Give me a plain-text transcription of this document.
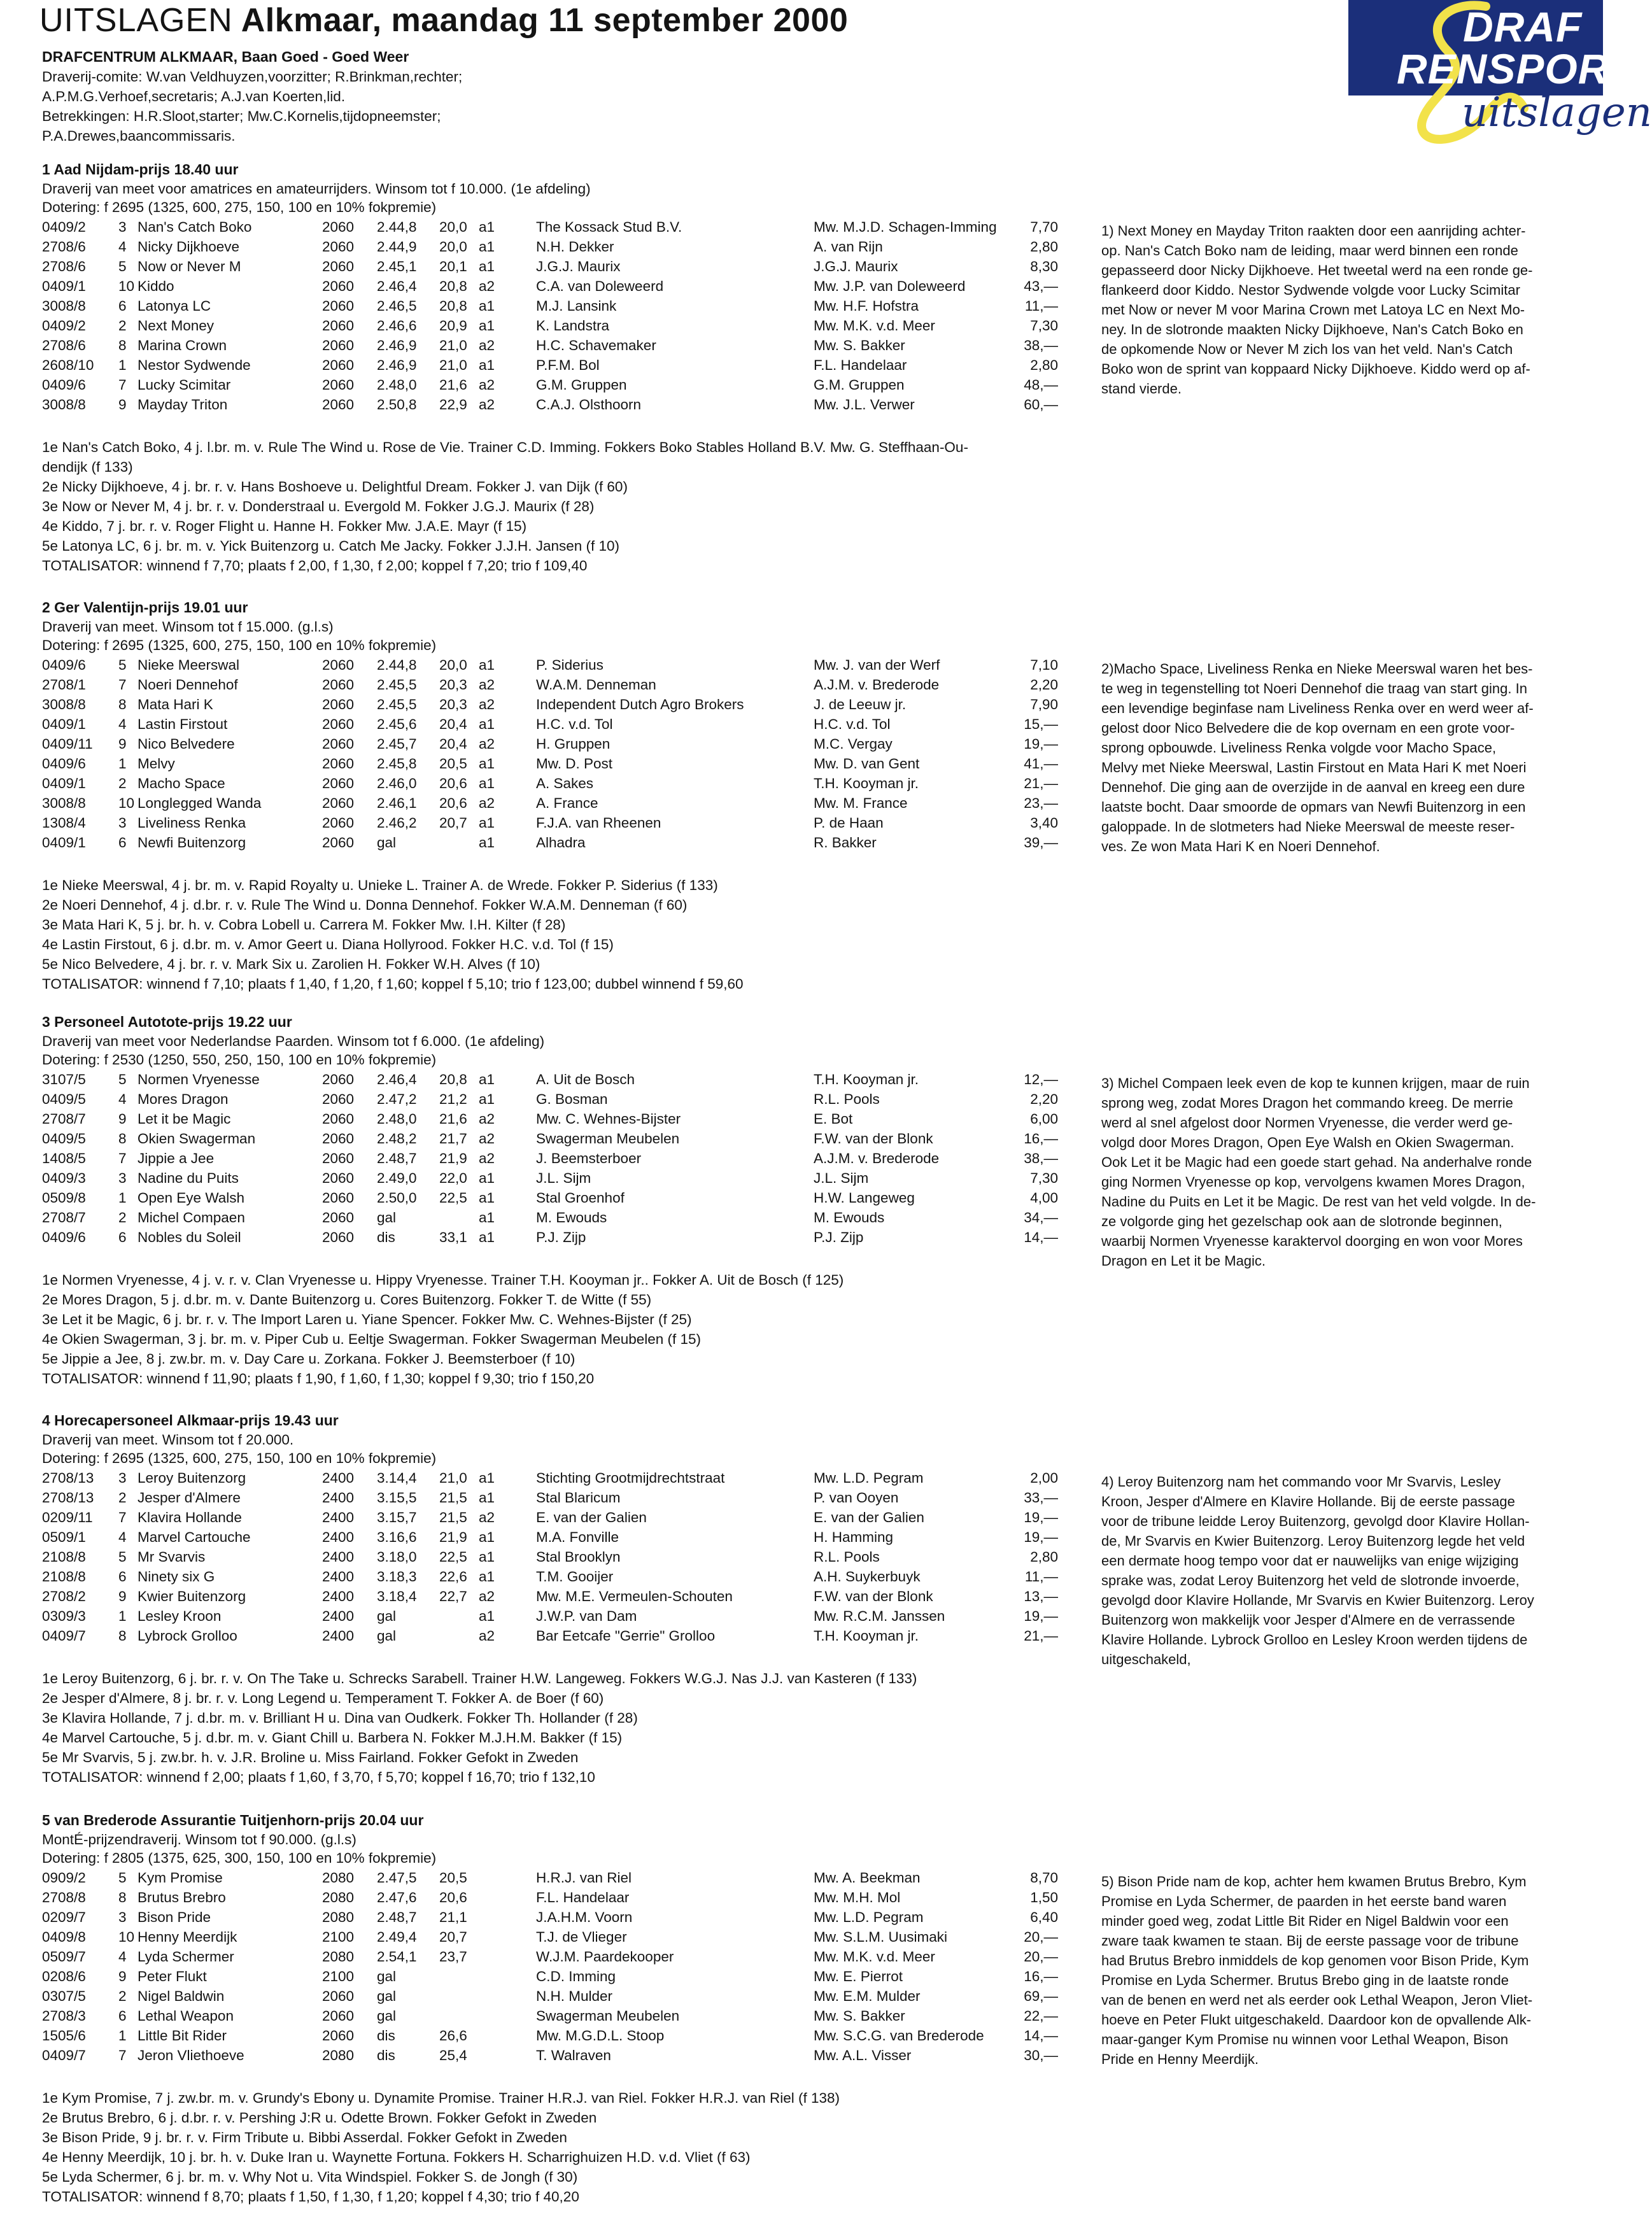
UITSLAGEN Alkmaar, maandag 11 september 2000	DRAF
RENSPORT
uitslagen
DRAFCENTRUM ALKMAAR, Baan Goed - Goed Weer
Draverij-comite: W.van Veldhuyzen,voorzitter; R.Brinkman,rechter;
A.P.M.G.Verhoef,secretaris; A.J.van Koerten,lid.
Betrekkingen: H.R.Sloot,starter; Mw.C.Kornelis,tijdopneemster;
P.A.Drewes,baancommissaris.
1 Aad Nijdam-prijs 18.40 uur
Draverij van meet voor amatrices en amateurrijders. Winsom tot f 10.000. (1e afdeling)
Dotering: f 2695 (1325, 600, 275, 150, 100 en 10% fokpremie)
0409/2 3 Nan's Catch Boko	2060 2.44,8 20,0 a1	The Kossack Stud B.V.	Mw. M.J.D. Schagen-Imming	7,70
2708/6 4 Nicky Dijkhoeve	2060 2.44,9 20,0 a1	N.H. Dekker	A. van Rijn	2,80
2708/6 5 Now or Never M	2060 2.45,1 20,1 a1	J.G.J. Maurix	J.G.J. Maurix	8,30
0409/1 10 Kiddo	2060 2.46,4 20,8 a2	C.A. van Doleweerd	Mw. J.P. van Doleweerd	43,—
3008/8 6 Latonya LC	2060 2.46,5 20,8 a1	M.J. Lansink	Mw. H.F. Hofstra	11,—
0409/2 2 Next Money	2060 2.46,6 20,9 a1	K. Landstra	Mw. M.K. v.d. Meer	7,30
2708/6 8 Marina Crown	2060 2.46,9 21,0 a2	H.C. Schavemaker	Mw. S. Bakker	38,—
2608/10 1 Nestor Sydwende	2060 2.46,9 21,0 a1	P.F.M. Bol	F.L. Handelaar	2,80
0409/6 7 Lucky Scimitar	2060 2.48,0 21,6 a2	G.M. Gruppen	G.M. Gruppen	48,—
3008/8 9 Mayday Triton	2060 2.50,8 22,9 a2	C.A.J. Olsthoorn	Mw. J.L. Verwer	60,—
1) Next Money en Mayday Triton raakten door een aanrijding achter-
op. Nan's Catch Boko nam de leiding, maar werd binnen een ronde
gepasseerd door Nicky Dijkhoeve. Het tweetal werd na een ronde ge-
flankeerd door Kiddo. Nestor Sydwende volgde voor Lucky Scimitar
met Now or never M voor Marina Crown met Latoya LC en Next Mo-
ney. In de slotronde maakten Nicky Dijkhoeve, Nan's Catch Boko en
de opkomende Now or Never M zich los van het veld. Nan's Catch
Boko won de sprint van koppaard Nicky Dijkhoeve. Kiddo werd op af-
stand vierde.
1e Nan's Catch Boko, 4 j. l.br. m. v. Rule The Wind u. Rose de Vie. Trainer C.D. Imming. Fokkers Boko Stables Holland B.V. Mw. G. Steffhaan-Ou-
dendijk (f 133)
2e Nicky Dijkhoeve, 4 j. br. r. v. Hans Boshoeve u. Delightful Dream. Fokker J. van Dijk (f 60)
3e Now or Never M, 4 j. br. r. v. Donderstraal u. Evergold M. Fokker J.G.J. Maurix (f 28)
4e Kiddo, 7 j. br. r. v. Roger Flight u. Hanne H. Fokker Mw. J.A.E. Mayr (f 15)
5e Latonya LC, 6 j. br. m. v. Yick Buitenzorg u. Catch Me Jacky. Fokker J.J.H. Jansen (f 10)
TOTALISATOR: winnend f 7,70; plaats f 2,00, f 1,30, f 2,00; koppel f 7,20; trio f 109,40
2 Ger Valentijn-prijs 19.01 uur
Draverij van meet. Winsom tot f 15.000. (g.l.s)
Dotering: f 2695 (1325, 600, 275, 150, 100 en 10% fokpremie)
0409/6 5 Nieke Meerswal	2060 2.44,8 20,0 a1	P. Siderius	Mw. J. van der Werf	7,10
2708/1 7 Noeri Dennehof	2060 2.45,5 20,3 a2	W.A.M. Denneman	A.J.M. v. Brederode	2,20
3008/8 8 Mata Hari K	2060 2.45,5 20,3 a2	Independent Dutch Agro Brokers	J. de Leeuw jr.	7,90
0409/1 4 Lastin Firstout	2060 2.45,6 20,4 a1	H.C. v.d. Tol	H.C. v.d. Tol	15,—
0409/11 9 Nico Belvedere	2060 2.45,7 20,4 a2	H. Gruppen	M.C. Vergay	19,—
0409/6 1 Melvy	2060 2.45,8 20,5 a1	Mw. D. Post	Mw. D. van Gent	41,—
0409/1 2 Macho Space	2060 2.46,0 20,6 a1	A. Sakes	T.H. Kooyman jr.	21,—
3008/8 10 Longlegged Wanda	2060 2.46,1 20,6 a2	A. France	Mw. M. France	23,—
1308/4 3 Liveliness Renka	2060 2.46,2 20,7 a1	F.J.A. van Rheenen	P. de Haan	3,40
0409/1 6 Newfi Buitenzorg	2060 gal	a1	Alhadra	R. Bakker	39,—
2)Macho Space, Liveliness Renka en Nieke Meerswal waren het bes-
te weg in tegenstelling tot Noeri Dennehof die traag van start ging. In
een levendige beginfase nam Liveliness Renka over en werd weer af-
gelost door Nico Belvedere die de kop overnam en een grote voor-
sprong opbouwde. Liveliness Renka volgde voor Macho Space,
Melvy met Nieke Meerswal, Lastin Firstout en Mata Hari K met Noeri
Dennehof. Die ging aan de overzijde in de aanval en kreeg een dure
laatste bocht. Daar smoorde de opmars van Newfi Buitenzorg in een
galoppade. In de slotmeters had Nieke Meerswal de meeste reser-
ves. Ze won Mata Hari K en Noeri Dennehof.
1e Nieke Meerswal, 4 j. br. m. v. Rapid Royalty u. Unieke L. Trainer A. de Wrede. Fokker P. Siderius (f 133)
2e Noeri Dennehof, 4 j. d.br. r. v. Rule The Wind u. Donna Dennehof. Fokker W.A.M. Denneman (f 60)
3e Mata Hari K, 5 j. br. h. v. Cobra Lobell u. Carrera M. Fokker Mw. I.H. Kilter (f 28)
4e Lastin Firstout, 6 j. d.br. m. v. Amor Geert u. Diana Hollyrood. Fokker H.C. v.d. Tol (f 15)
5e Nico Belvedere, 4 j. br. r. v. Mark Six u. Zarolien H. Fokker W.H. Alves (f 10)
TOTALISATOR: winnend f 7,10; plaats f 1,40, f 1,20, f 1,60; koppel f 5,10; trio f 123,00; dubbel winnend f 59,60
3 Personeel Autotote-prijs 19.22 uur
Draverij van meet voor Nederlandse Paarden. Winsom tot f 6.000. (1e afdeling)
Dotering: f 2530 (1250, 550, 250, 150, 100 en 10% fokpremie)
3107/5 5 Normen Vryenesse	2060 2.46,4 20,8 a1	A. Uit de Bosch	T.H. Kooyman jr.	12,—
0409/5 4 Mores Dragon	2060 2.47,2 21,2 a1	G. Bosman	R.L. Pools	2,20
2708/7 9 Let it be Magic	2060 2.48,0 21,6 a2	Mw. C. Wehnes-Bijster	E. Bot	6,00
0409/5 8 Okien Swagerman	2060 2.48,2 21,7 a2	Swagerman Meubelen	F.W. van der Blonk	16,—
1408/5 7 Jippie a Jee	2060 2.48,7 21,9 a2	J. Beemsterboer	A.J.M. v. Brederode	38,—
0409/3 3 Nadine du Puits	2060 2.49,0 22,0 a1	J.L. Sijm	J.L. Sijm	7,30
0509/8 1 Open Eye Walsh	2060 2.50,0 22,5 a1	Stal Groenhof	H.W. Langeweg	4,00
2708/7 2 Michel Compaen	2060 gal	a1	M. Ewouds	M. Ewouds	34,—
0409/6 6 Nobles du Soleil	2060 dis	33,1 a1	P.J. Zijp	P.J. Zijp	14,—
3) Michel Compaen leek even de kop te kunnen krijgen, maar de ruin
sprong weg, zodat Mores Dragon het commando kreeg. De merrie
werd al snel afgelost door Normen Vryenesse, die verder werd ge-
volgd door Mores Dragon, Open Eye Walsh en Okien Swagerman.
Ook Let it be Magic had een goede start gehad. Na anderhalve ronde
ging Normen Vryenesse op kop, vervolgens kwamen Mores Dragon,
Nadine du Puits en Let it be Magic. De rest van het veld volgde. In de-
ze volgorde ging het gezelschap ook aan de slotronde beginnen,
waarbij Normen Vryenesse karaktervol doorging en won voor Mores
Dragon en Let it be Magic.
1e Normen Vryenesse, 4 j. v. r. v. Clan Vryenesse u. Hippy Vryenesse. Trainer T.H. Kooyman jr.. Fokker A. Uit de Bosch (f 125)
2e Mores Dragon, 5 j. d.br. m. v. Dante Buitenzorg u. Cores Buitenzorg. Fokker T. de Witte (f 55)
3e Let it be Magic, 6 j. br. r. v. The Import Laren u. Yiane Spencer. Fokker Mw. C. Wehnes-Bijster (f 25)
4e Okien Swagerman, 3 j. br. m. v. Piper Cub u. Eeltje Swagerman. Fokker Swagerman Meubelen (f 15)
5e Jippie a Jee, 8 j. zw.br. m. v. Day Care u. Zorkana. Fokker J. Beemsterboer (f 10)
TOTALISATOR: winnend f 11,90; plaats f 1,90, f 1,60, f 1,30; koppel f 9,30; trio f 150,20
4 Horecapersoneel Alkmaar-prijs 19.43 uur
Draverij van meet. Winsom tot f 20.000.
Dotering: f 2695 (1325, 600, 275, 150, 100 en 10% fokpremie)
2708/13 3 Leroy Buitenzorg	2400 3.14,4 21,0 a1	Stichting Grootmijdrechtstraat	Mw. L.D. Pegram	2,00
2708/13 2 Jesper d'Almere	2400 3.15,5 21,5 a1	Stal Blaricum	P. van Ooyen	33,—
0209/11 7 Klavira Hollande	2400 3.15,7 21,5 a2	E. van der Galien	E. van der Galien	19,—
0509/1 4 Marvel Cartouche	2400 3.16,6 21,9 a1	M.A. Fonville	H. Hamming	19,—
2108/8 5 Mr Svarvis	2400 3.18,0 22,5 a1	Stal Brooklyn	R.L. Pools	2,80
2108/8 6 Ninety six G	2400 3.18,3 22,6 a1	T.M. Gooijer	A.H. Suykerbuyk	11,—
2708/2 9 Kwier Buitenzorg	2400 3.18,4 22,7 a2	Mw. M.E. Vermeulen-Schouten	F.W. van der Blonk	13,—
0309/3 1 Lesley Kroon	2400 gal	a1	J.W.P. van Dam	Mw. R.C.M. Janssen	19,—
0409/7 8 Lybrock Grolloo	2400 gal	a2	Bar Eetcafe "Gerrie" Grolloo	T.H. Kooyman jr.	21,—
4) Leroy Buitenzorg nam het commando voor Mr Svarvis, Lesley
Kroon, Jesper d'Almere en Klavire Hollande. Bij de eerste passage
voor de tribune leidde Leroy Buitenzorg, gevolgd door Klavire Hollan-
de, Mr Svarvis en Kwier Buitenzorg. Leroy Buitenzorg legde het veld
een dermate hoog tempo voor dat er nauwelijks van enige wijziging
sprake was, zodat Leroy Buitenzorg het veld de slotronde invoerde,
gevolgd door Klavire Hollande, Mr Svarvis en Kwier Buitenzorg. Leroy
Buitenzorg won makkelijk voor Jesper d'Almere en de verrassende
Klavire Hollande. Lybrock Grolloo en Lesley Kroon werden tijdens de
uitgeschakeld,
1e Leroy Buitenzorg, 6 j. br. r. v. On The Take u. Schrecks Sarabell. Trainer H.W. Langeweg. Fokkers W.G.J. Nas J.J. van Kasteren (f 133)
2e Jesper d'Almere, 8 j. br. r. v. Long Legend u. Temperament T. Fokker A. de Boer (f 60)
3e Klavira Hollande, 7 j. d.br. m. v. Brilliant H u. Dina van Oudkerk. Fokker Th. Hollander (f 28)
4e Marvel Cartouche, 5 j. d.br. m. v. Giant Chill u. Barbera N. Fokker M.J.H.M. Bakker (f 15)
5e Mr Svarvis, 5 j. zw.br. h. v. J.R. Broline u. Miss Fairland. Fokker Gefokt in Zweden
TOTALISATOR: winnend f 2,00; plaats f 1,60, f 3,70, f 5,70; koppel f 16,70; trio f 132,10
5 van Brederode Assurantie Tuitjenhorn-prijs 20.04 uur
MontÉ-prijzendraverij. Winsom tot f 90.000. (g.l.s)
Dotering: f 2805 (1375, 625, 300, 150, 100 en 10% fokpremie)
0909/2 5 Kym Promise	2080 2.47,5 20,5	H.R.J. van Riel	Mw. A. Beekman	8,70
2708/8 8 Brutus Brebro	2080 2.47,6 20,6	F.L. Handelaar	Mw. M.H. Mol	1,50
0209/7 3 Bison Pride	2080 2.48,7 21,1	J.A.H.M. Voorn	Mw. L.D. Pegram	6,40
0409/8 10 Henny Meerdijk	2100 2.49,4 20,7	T.J. de Vlieger	Mw. S.L.M. Uusimaki	20,—
0509/7 4 Lyda Schermer	2080 2.54,1 23,7	W.J.M. Paardekooper	Mw. M.K. v.d. Meer	20,—
0208/6 9 Peter Flukt	2100 gal	C.D. Imming	Mw. E. Pierrot	16,—
0307/5 2 Nigel Baldwin	2060 gal	N.H. Mulder	Mw. E.M. Mulder	69,—
2708/3 6 Lethal Weapon	2060 gal	Swagerman Meubelen	Mw. S. Bakker	22,—
1505/6 1 Little Bit Rider	2060 dis	26,6	Mw. M.G.D.L. Stoop	Mw. S.C.G. van Brederode	14,—
0409/7 7 Jeron Vliethoeve	2080 dis	25,4	T. Walraven	Mw. A.L. Visser	30,—
5) Bison Pride nam de kop, achter hem kwamen Brutus Brebro, Kym
Promise en Lyda Schermer, de paarden in het eerste band waren
minder goed weg, zodat Little Bit Rider en Nigel Baldwin voor een
zware taak kwamen te staan. Bij de eerste passage voor de tribune
had Brutus Brebro inmiddels de kop genomen voor Bison Pride, Kym
Promise en Lyda Schermer. Brutus Brebo ging in de laatste ronde
van de benen en werd net als eerder ook Lethal Weapon, Jeron Vliet-
hoeve en Peter Flukt uitgeschakeld. Daardoor kon de opvallende Alk-
maar-ganger Kym Promise nu winnen voor Lethal Weapon, Bison
Pride en Henny Meerdijk.
1e Kym Promise, 7 j. zw.br. m. v. Grundy's Ebony u. Dynamite Promise. Trainer H.R.J. van Riel. Fokker H.R.J. van Riel (f 138)
2e Brutus Brebro, 6 j. d.br. r. v. Pershing J:R u. Odette Brown. Fokker Gefokt in Zweden
3e Bison Pride, 9 j. br. r. v. Firm Tribute u. Bibbi Asserdal. Fokker Gefokt in Zweden
4e Henny Meerdijk, 10 j. br. h. v. Duke Iran u. Waynette Fortuna. Fokkers H. Scharrighuizen H.D. v.d. Vliet (f 63)
5e Lyda Schermer, 6 j. br. m. v. Why Not u. Vita Windspiel. Fokker S. de Jongh (f 30)
TOTALISATOR: winnend f 8,70; plaats f 1,50, f 1,30, f 1,20; koppel f 4,30; trio f 40,20
